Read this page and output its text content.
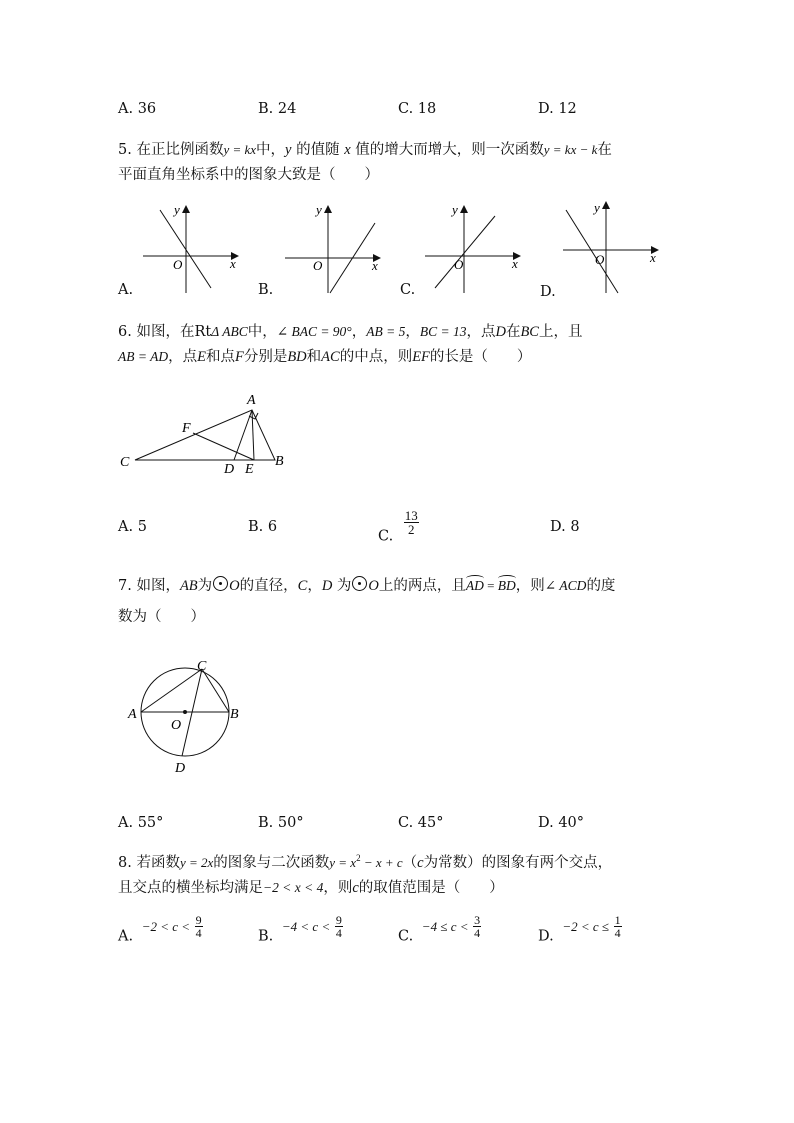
A. 36	B. 24	C. 18	D. 12
5. 在正比例函数y = kx中，y 的值随 x 值的增大而增大，则一次函数y = kx − k在
平面直角坐标系中的图象大致是（　　）
y
x
O
A.
y
x
O
B.
y
x
O
C.
y
x
O
D.
6. 如图，在RtΔ ABC中，∠ BAC = 90°，AB = 5，BC = 13，点D在BC上，且
AB = AD，点E和点F分别是BD和AC的中点，则EF的长是（　　）
A
B
C	D E
F
A. 5	B. 6
C.
$\frac{13}{2}$	D. 8
7. 如图，AB为 O的直径，C，D 为 O上的两点，且AD = BD，则∠ ACD的度
数为（　　）
C
A	B
O
D
A. 55°	B. 50°	C. 45°	D. 40°
8. 若函数y = 2x的图象与二次函数$y = x^2 - x + c(c$为常数）的图象有两个交点，
且交点的横坐标均满足−2 < x < 4，则c的取值范围是（　　）
A. $-2 < c < \frac{9}{4}$	B. $-4 < c < \frac{9}{4}$	C. $-4 \le c < \frac{3}{4}$	D. $-2 < c \le \frac{1}{4}$
